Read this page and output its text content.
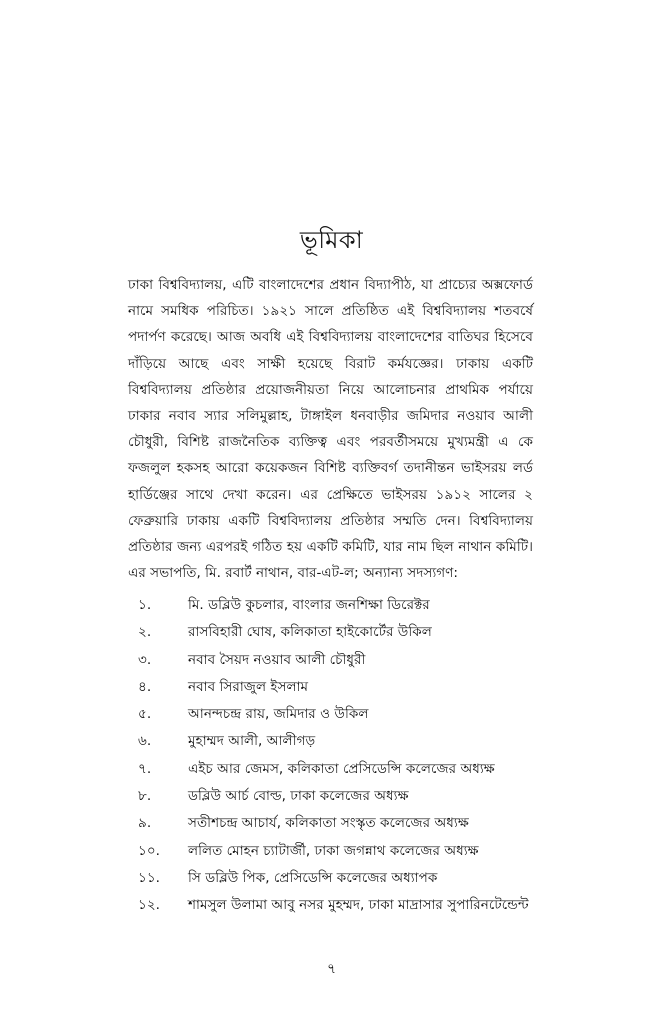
ভূমিকা
ঢাকা বিশ্ববিদ্যালয়, এটি বাংলাদেশের প্রধান বিদ্যাপীঠ, যা প্রাচ্যের অক্সফোর্ড নামে সমধিক পরিচিত। ১৯২১ সালে প্রতিষ্ঠিত এই বিশ্ববিদ্যালয় শতবর্ষে পদার্পণ করেছে। আজ অবধি এই বিশ্ববিদ্যালয় বাংলাদেশের বাতিঘর হিসেবে দাঁড়িয়ে আছে এবং সাক্ষী হয়েছে বিরাট কর্মযজ্ঞের। ঢাকায় একটি বিশ্ববিদ্যালয় প্রতিষ্ঠার প্রয়োজনীয়তা নিয়ে আলোচনার প্রাথমিক পর্যায়ে ঢাকার নবাব স্যার সলিমুল্লাহ, টাঙ্গাইল ধনবাড়ীর জমিদার নওয়াব আলী চৌধুরী, বিশিষ্ট রাজনৈতিক ব্যক্তিত্ব এবং পরবর্তীসময়ে মুখ্যমন্ত্রী এ কে ফজলুল হকসহ আরো কয়েকজন বিশিষ্ট ব্যক্তিবর্গ তদানীন্তন ভাইসরয় লর্ড হার্ডিঞ্জের সাথে দেখা করেন। এর প্রেক্ষিতে ভাইসরয় ১৯১২ সালের ২ ফেব্রুয়ারি ঢাকায় একটি বিশ্ববিদ্যালয় প্রতিষ্ঠার সম্মতি দেন। বিশ্ববিদ্যালয় প্রতিষ্ঠার জন্য এরপরই গঠিত হয় একটি কমিটি, যার নাম ছিল নাথান কমিটি। এর সভাপতি, মি. রবার্ট নাথান, বার-এট-ল; অন্যান্য সদস্যগণ:
১.	মি. ডব্লিউ কুচলার, বাংলার জনশিক্ষা ডিরেক্টর
২.	রাসবিহারী ঘোষ, কলিকাতা হাইকোর্টের উকিল
৩.	নবাব সৈয়দ নওয়াব আলী চৌধুরী
৪.	নবাব সিরাজুল ইসলাম
৫.	আনন্দচন্দ্র রায়, জমিদার ও উকিল
৬.	মুহাম্মদ আলী, আলীগড়
৭.	এইচ আর জেমস, কলিকাতা প্রেসিডেন্সি কলেজের অধ্যক্ষ
৮.	ডব্লিউ আর্চ বোল্ড, ঢাকা কলেজের অধ্যক্ষ
৯.	সতীশচন্দ্র আচার্য, কলিকাতা সংস্কৃত কলেজের অধ্যক্ষ
১০.	ললিত মোহন চ্যাটার্জী, ঢাকা জগন্নাথ কলেজের অধ্যক্ষ
১১.	সি ডব্লিউ পিক, প্রেসিডেন্সি কলেজের অধ্যাপক
১২.	শামসুল উলামা আবু নসর মুহম্মদ, ঢাকা মাদ্রাসার সুপারিনটেন্ডেন্ট
৭
